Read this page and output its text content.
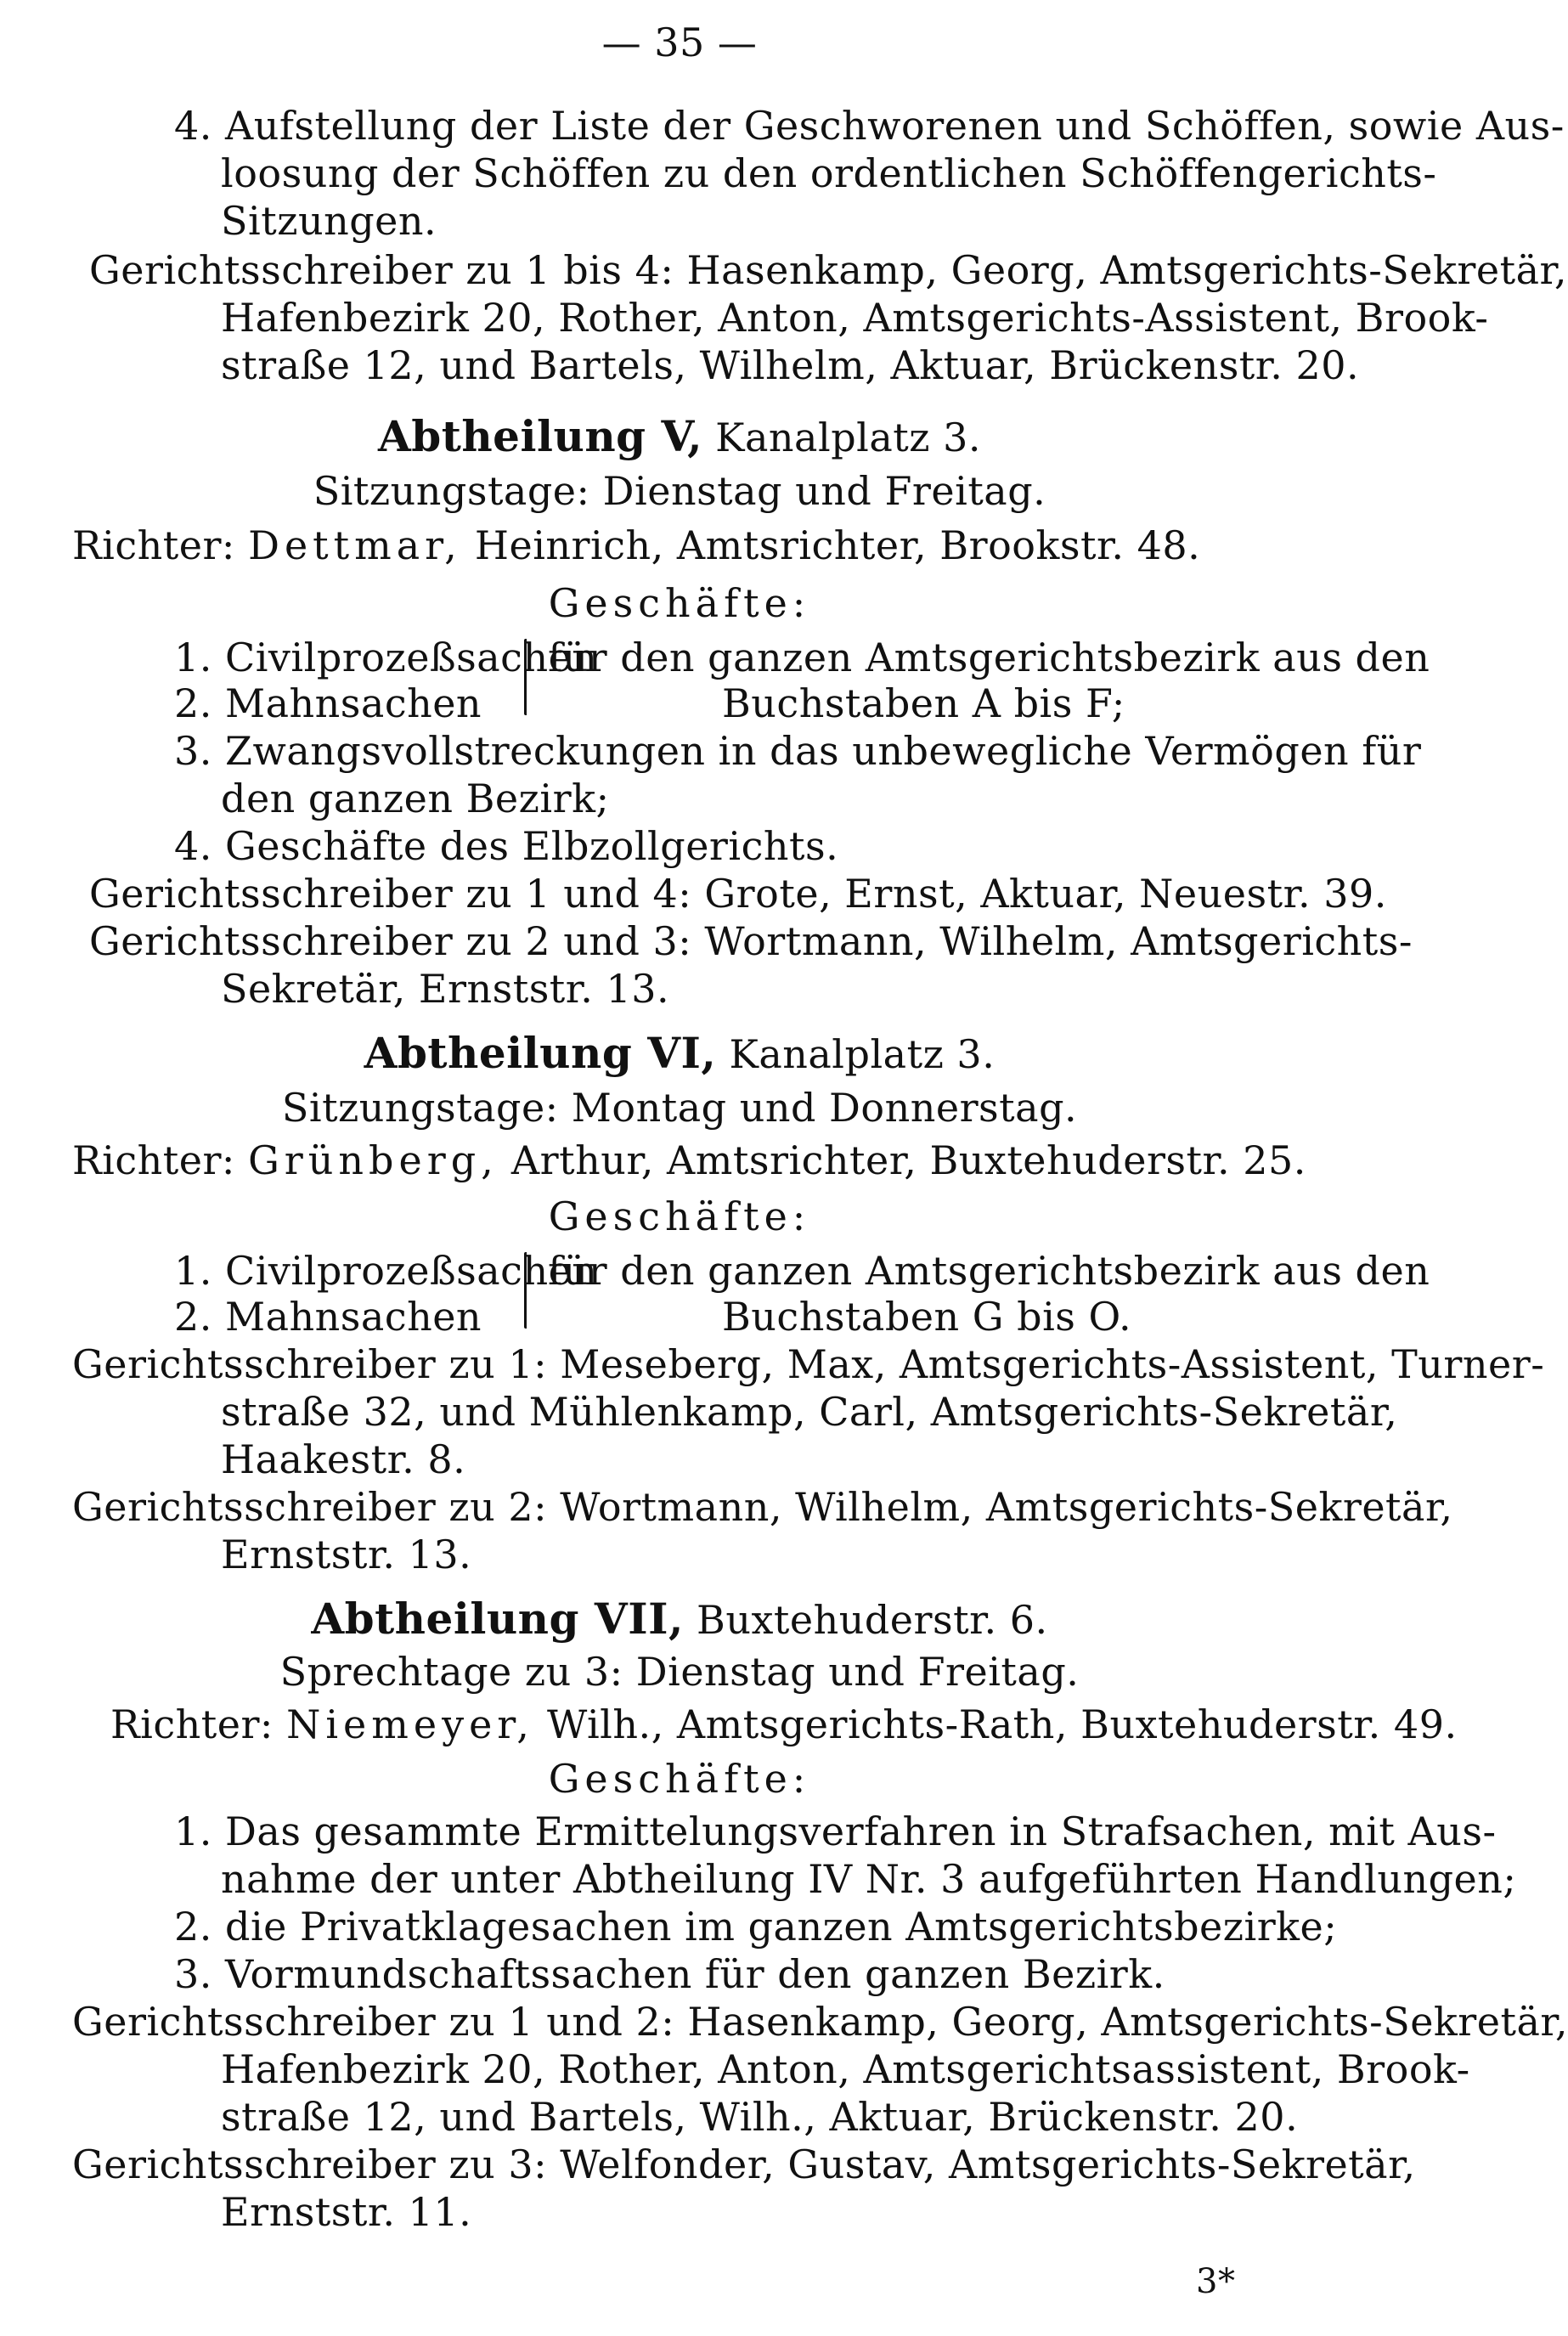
— 35 —
4. Aufstellung der Liste der Geschworenen und Schöffen, sowie Aus-
loosung der Schöffen zu den ordentlichen Schöffengerichts-
Sitzungen.
Gerichtsschreiber zu 1 bis 4: Hasenkamp, Georg, Amtsgerichts-Sekretär,
Hafenbezirk 20, Rother, Anton, Amtsgerichts-Assistent, Brook-
straße 12, und Bartels, Wilhelm, Aktuar, Brückenstr. 20.
Abtheilung V, Kanalplatz 3.
Sitzungstage: Dienstag und Freitag.
Richter: Dettmar, Heinrich, Amtsrichter, Brookstr. 48.
Geschäfte:
1. Civilprozeßsachen
für den ganzen Amtsgerichtsbezirk aus den
2. Mahnsachen	Buchstaben A bis F;
3. Zwangsvollstreckungen in das unbewegliche Vermögen für
den ganzen Bezirk;
4. Geschäfte des Elbzollgerichts.
Gerichtsschreiber zu 1 und 4: Grote, Ernst, Aktuar, Neuestr. 39.
Gerichtsschreiber zu 2 und 3: Wortmann, Wilhelm, Amtsgerichts-
Sekretär, Ernststr. 13.
Abtheilung VI, Kanalplatz 3.
Sitzungstage: Montag und Donnerstag.
Richter: Grünberg, Arthur, Amtsrichter, Buxtehuderstr. 25.
Geschäfte:
1. Civilprozeßsachen
für den ganzen Amtsgerichtsbezirk aus den
2. Mahnsachen	Buchstaben G bis O.
Gerichtsschreiber zu 1: Meseberg, Max, Amtsgerichts-Assistent, Turner-
straße 32, und Mühlenkamp, Carl, Amtsgerichts-Sekretär,
Haakestr. 8.
Gerichtsschreiber zu 2: Wortmann, Wilhelm, Amtsgerichts-Sekretär,
Ernststr. 13.
Abtheilung VII, Buxtehuderstr. 6.
Sprechtage zu 3: Dienstag und Freitag.
Richter: Niemeyer, Wilh., Amtsgerichts-Rath, Buxtehuderstr. 49.
Geschäfte:
1. Das gesammte Ermittelungsverfahren in Strafsachen, mit Aus-
nahme der unter Abtheilung IV Nr. 3 aufgeführten Handlungen;
2. die Privatklagesachen im ganzen Amtsgerichtsbezirke;
3. Vormundschaftssachen für den ganzen Bezirk.
Gerichtsschreiber zu 1 und 2: Hasenkamp, Georg, Amtsgerichts-Sekretär,
Hafenbezirk 20, Rother, Anton, Amtsgerichtsassistent, Brook-
straße 12, und Bartels, Wilh., Aktuar, Brückenstr. 20.
Gerichtsschreiber zu 3: Welfonder, Gustav, Amtsgerichts-Sekretär,
Ernststr. 11.
3*
